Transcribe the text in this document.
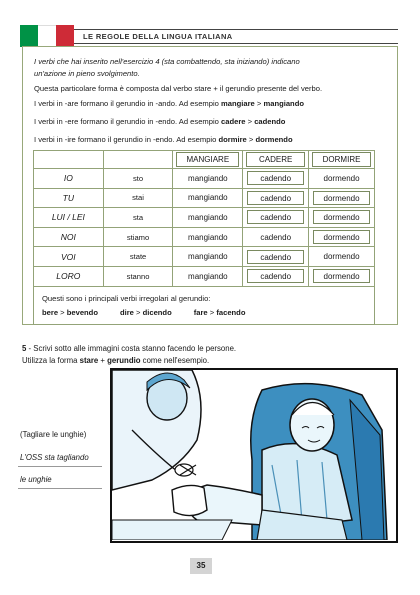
LE REGOLE DELLA LINGUA ITALIANA
I verbi che hai inserito nell'esercizio 4 (sta combattendo, sta iniziando) indicano
un'azione in pieno svolgimento.
Questa particolare forma è composta dal verbo stare + il gerundio presente del verbo.
I verbi in -are formano il gerundio in -ando. Ad esempio mangiare > mangiando
I verbi in -ere formano il gerundio in -endo. Ad esempio cadere > cadendo
I verbi in -ire formano il gerundio in -endo. Ad esempio dormire > dormendo

		MANGIARE	CADERE	DORMIRE

IO	sto	mangiando	cadendo	dormendo
TU	stai	mangiando	cadendo	dormendo

LUI / LEI	sta	mangiando	cadendo	dormendo

NOI	stiamo	mangiando	cadendo	dormendo

VOI	state	mangiando	cadendo	dormendo
LORO	stanno	mangiando	cadendo	dormendo

Questi sono i principali verbi irregolari al gerundio:
bere > bevendo dire > dicendo fare > facendo				
5 - Scrivi sotto alle immagini costa stanno facendo le persone.
Utilizza la forma stare + gerundio come nell'esempio.
(Tagliare le unghie)
L'OSS sta tagliando
le unghie
35
